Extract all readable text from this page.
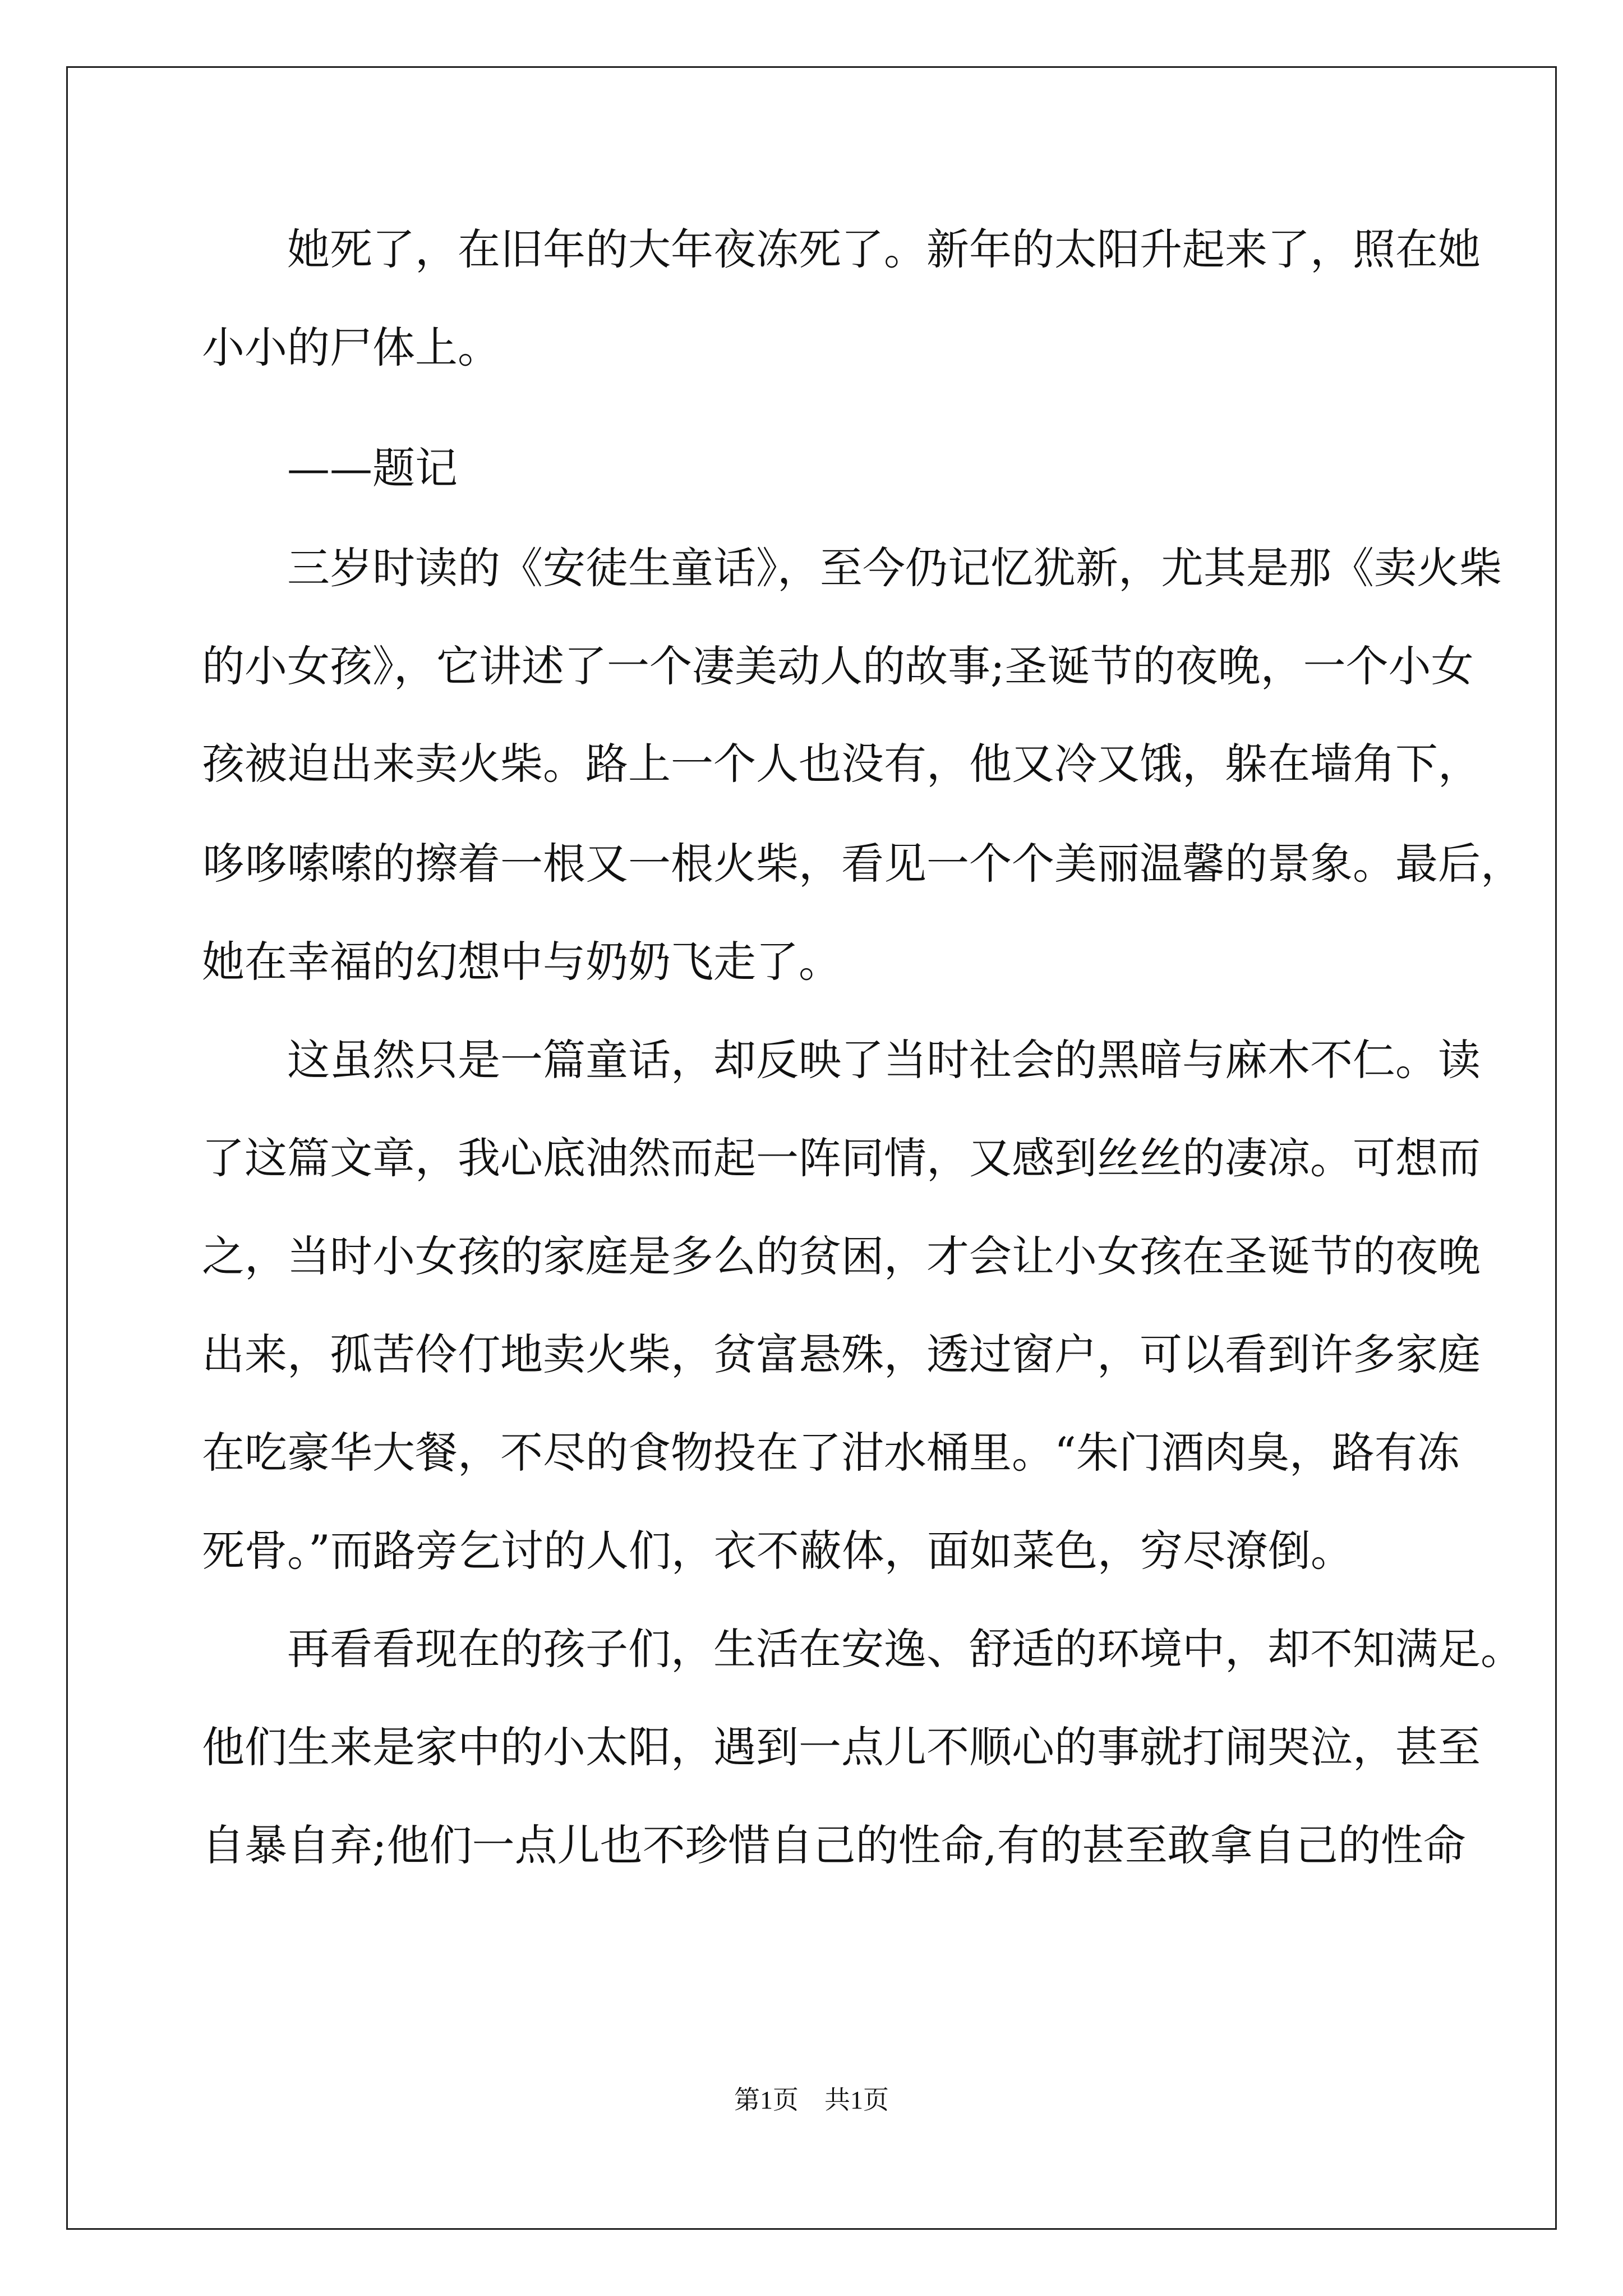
　　她死了，在旧年的大年夜冻死了。新年的太阳升起来了，照在她
小小的尸体上。
　　——题记
　　三岁时读的《安徒生童话》，至今仍记忆犹新，尤其是那《卖火柴
的小女孩》，它讲述了一个凄美动人的故事;圣诞节的夜晚，一个小女
孩被迫出来卖火柴。路上一个人也没有，他又冷又饿，躲在墙角下，
哆哆嗦嗦的擦着一根又一根火柴，看见一个个美丽温馨的景象。最后，
她在幸福的幻想中与奶奶飞走了。
　　这虽然只是一篇童话，却反映了当时社会的黑暗与麻木不仁。读
了这篇文章，我心底油然而起一阵同情，又感到丝丝的凄凉。可想而
之，当时小女孩的家庭是多么的贫困，才会让小女孩在圣诞节的夜晚
出来，孤苦伶仃地卖火柴，贫富悬殊，透过窗户，可以看到许多家庭
在吃豪华大餐，不尽的食物投在了泔水桶里。“朱门酒肉臭，路有冻
死骨。”而路旁乞讨的人们，衣不蔽体，面如菜色，穷尽潦倒。
　　再看看现在的孩子们，生活在安逸、舒适的环境中，却不知满足。
他们生来是家中的小太阳，遇到一点儿不顺心的事就打闹哭泣，甚至
自暴自弃;他们一点儿也不珍惜自己的性命,有的甚至敢拿自己的性命
第1页　共1页
